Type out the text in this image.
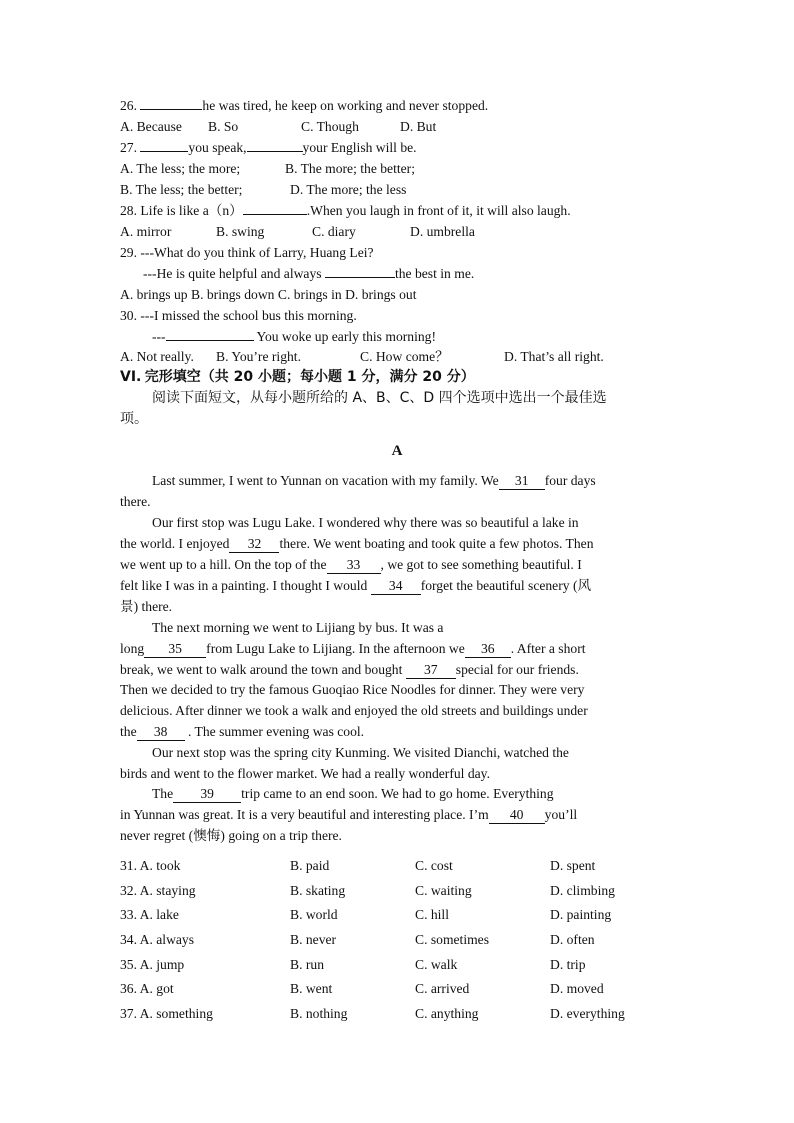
26.	he was tired, he keep on working and never stopped.
A. Because B. So	C. Though	D. But
27.	you speak,	your English will be.
A. The less; the more;	B. The more; the better;
B. The less; the better;	D. The more; the less
28. Life is like a（n）	.When you laugh in front of it, it will also laugh.
A. mirror	B. swing	C. diary	D. umbrella
29. ---What do you think of Larry, Huang Lei?
---He is quite helpful and always	the best in me.
A. brings up B. brings down C. brings in D. brings out
30. ---I missed the school bus this morning.
---	You woke up early this morning!
A. Not really. B. You’re right.	C. How come？	D. That’s all right.
VI. 完形填空（共 20 小题；每小题 1 分，满分 20 分）
阅读下面短文，从每小题所给的 A、B、C、D 四个选项中选出一个最佳选
项。
A
Last summer, I went to Yunnan on vacation with my family. We 31 four days
there.
Our first stop was Lugu Lake. I wondered why there was so beautiful a lake in
the world. I enjoyed 32 there. We went boating and took quite a few photos. Then
we went up to a hill. On the top of the 33 , we got to see something beautiful. I
felt like I was in a painting. I thought I would 34 forget the beautiful scenery (风
景) there.
The next morning we went to Lijiang by bus. It was a
long 35 from Lugu Lake to Lijiang. In the afternoon we 36 . After a short
break, we went to walk around the town and bought 37 special for our friends.
Then we decided to try the famous Guoqiao Rice Noodles for dinner. They were very
delicious. After dinner we took a walk and enjoyed the old streets and buildings under
the 38 . The summer evening was cool.
Our next stop was the spring city Kunming. We visited Dianchi, watched the
birds and went to the flower market. We had a really wonderful day.
The 39 trip came to an end soon. We had to go home. Everything
in Yunnan was great. It is a very beautiful and interesting place. I’m 40 you’ll
never regret (懊悔) going on a trip there.
31. A. took	B. paid	C. cost	D. spent
32. A. staying	B. skating	C. waiting	D. climbing
33. A. lake	B. world	C. hill	D. painting
34. A. always	B. never	C. sometimes	D. often
35. A. jump	B. run	C. walk	D. trip
36. A. got	B. went	C. arrived	D. moved
37. A. something	B. nothing	C. anything	D. everything
